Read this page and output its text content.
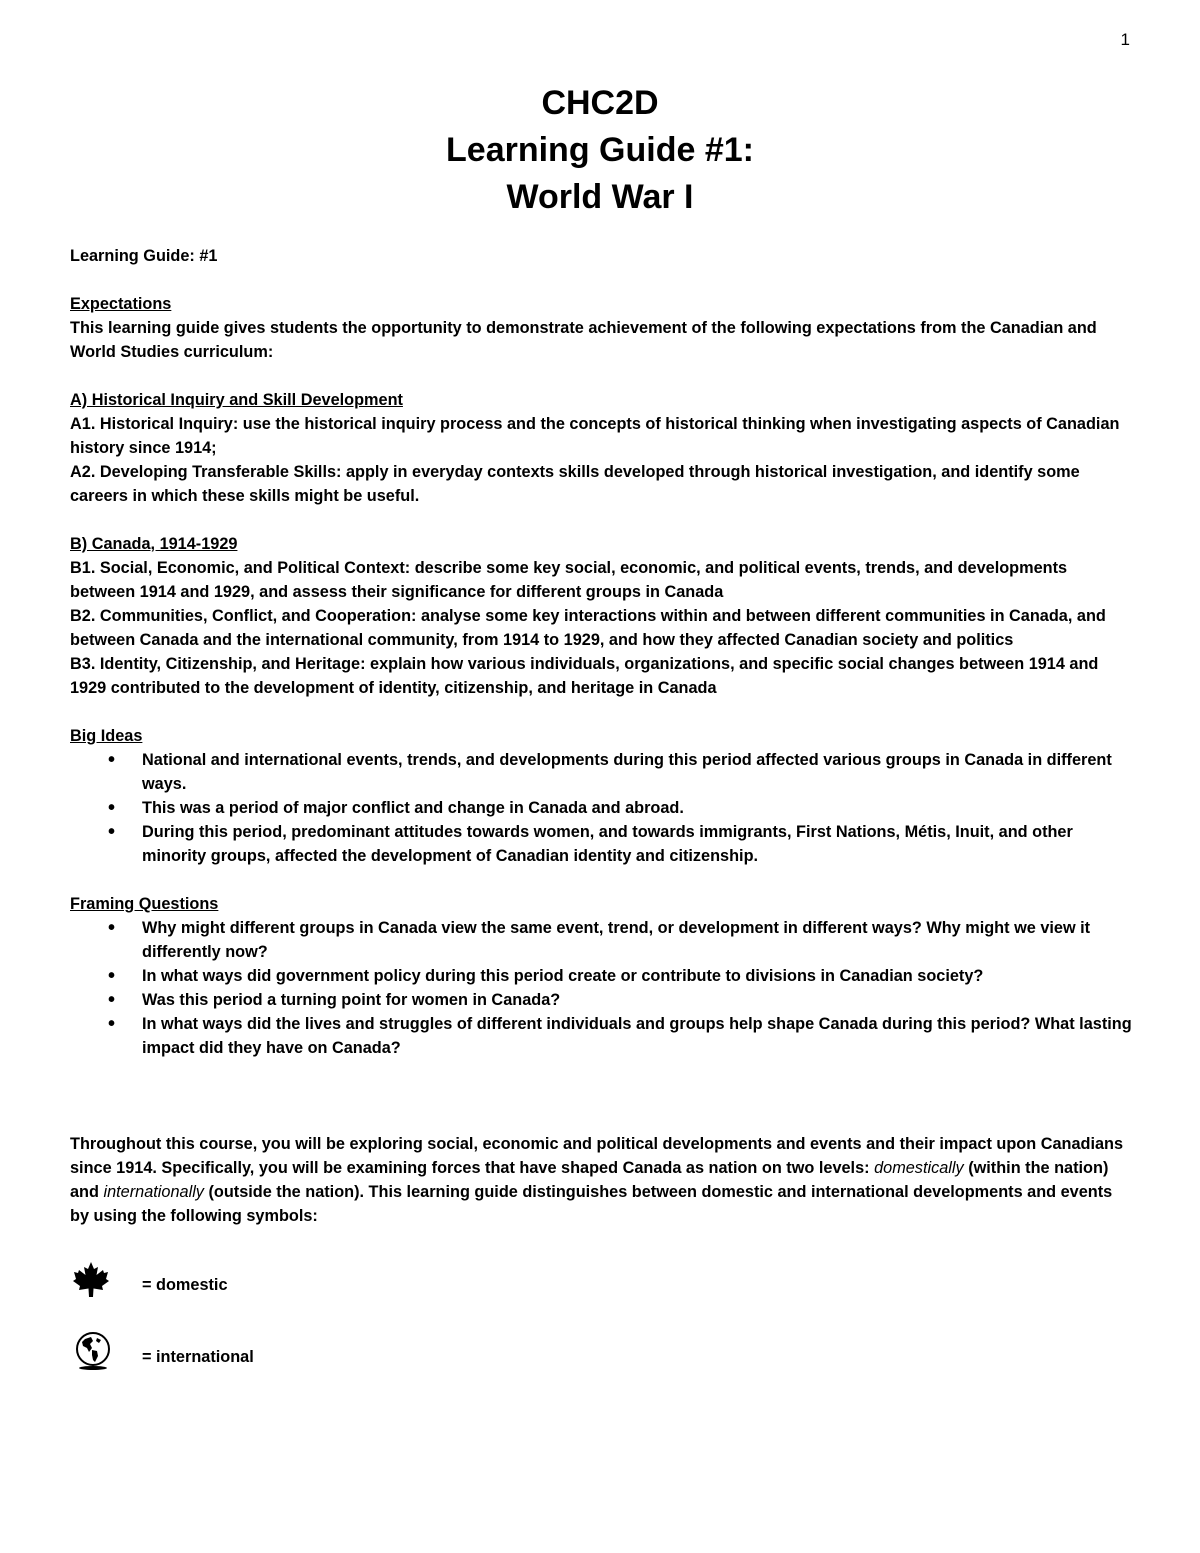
1
CHC2D
Learning Guide #1:
World War I

Learning Guide: #1

Expectations

This learning guide gives students the opportunity to demonstrate achievement of the following expectations from the Canadian and World Studies curriculum:

A) Historical Inquiry and Skill Development

A1. Historical Inquiry: use the historical inquiry process and the concepts of historical thinking when investigating aspects of Canadian history since 1914;

A2. Developing Transferable Skills: apply in everyday contexts skills developed through historical investigation, and identify some careers in which these skills might be useful.

B) Canada, 1914-1929

B1. Social, Economic, and Political Context: describe some key social, economic, and political events, trends, and developments between 1914 and 1929, and assess their significance for different groups in Canada

B2. Communities, Conflict, and Cooperation: analyse some key interactions within and between different communities in Canada, and between Canada and the international community, from 1914 to 1929, and how they affected Canadian society and politics

B3. Identity, Citizenship, and Heritage: explain how various individuals, organizations, and specific social changes between 1914 and 1929 contributed to the development of identity, citizenship, and heritage in Canada

Big Ideas

• National and international events, trends, and developments during this period affected various groups in Canada in different ways.
• This was a period of major conflict and change in Canada and abroad.
• During this period, predominant attitudes towards women, and towards immigrants, First Nations, Métis, Inuit, and other minority groups, affected the development of Canadian identity and citizenship.

Framing Questions

• Why might different groups in Canada view the same event, trend, or development in different ways? Why might we view it differently now?
• In what ways did government policy during this period create or contribute to divisions in Canadian society?
• Was this period a turning point for women in Canada?
• In what ways did the lives and struggles of different individuals and groups help shape Canada during this period? What lasting impact did they have on Canada?

Throughout this course, you will be exploring social, economic and political developments and events and their impact upon Canadians since 1914. Specifically, you will be examining forces that have shaped Canada as nation on two levels: domestically (within the nation) and internationally (outside the nation). This learning guide distinguishes between domestic and international developments and events by using the following symbols:

= domestic
= international
